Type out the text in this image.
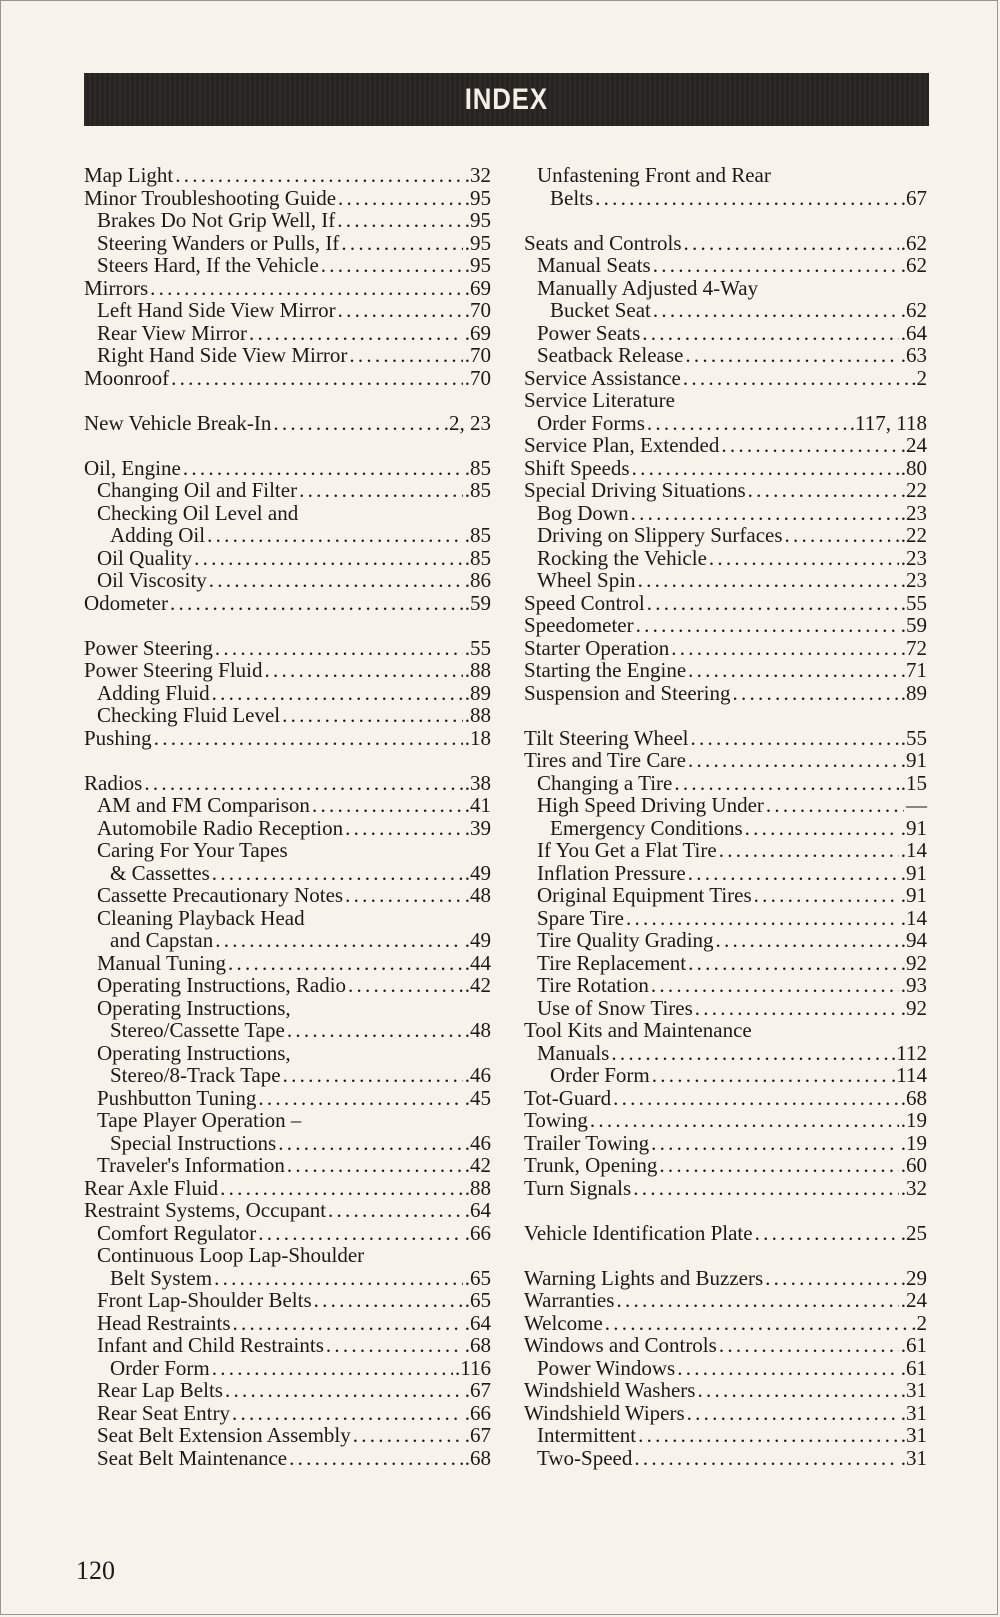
INDEX
Map Light . . .	.32
Minor Troubleshooting Guide . . .	.95
Brakes Do Not Grip Well, If . . .	.95
Steering Wanders or Pulls, If . . .	.95
Steers Hard, If the Vehicle . . .	.95
Mirrors . . .	.69
Left Hand Side View Mirror . . .	.70
Rear View Mirror . . .	.69
Right Hand Side View Mirror . . .	.70
Moonroof . . .	.70
New Vehicle Break-In . . .	.2, 23
Oil, Engine . . .	.85
Changing Oil and Filter . . .	.85
Checking Oil Level and
Adding Oil . . .	.85
Oil Quality . . .	.85
Oil Viscosity . . .	.86
Odometer . . .	.59
Power Steering . . .	.55
Power Steering Fluid . . .	.88
Adding Fluid . . .	.89
Checking Fluid Level . . .	.88
Pushing . . .	.18
Radios . . .	.38
AM and FM Comparison . . .	.41
Automobile Radio Reception . . .	.39
Caring For Your Tapes
& Cassettes . . .	.49
Cassette Precautionary Notes . . .	.48
Cleaning Playback Head
and Capstan . . .	.49
Manual Tuning . . .	.44
Operating Instructions, Radio . . .	.42
Operating Instructions,
Stereo/Cassette Tape . . .	.48
Operating Instructions,
Stereo/8-Track Tape . . .	.46
Pushbutton Tuning . . .	.45
Tape Player Operation –
Special Instructions . . .	.46
Traveler's Information . . .	.42
Rear Axle Fluid . . .	.88
Restraint Systems, Occupant . . .	.64
Comfort Regulator . . .	.66
Continuous Loop Lap-Shoulder
Belt System . . .	.65
Front Lap-Shoulder Belts . . .	.65
Head Restraints . . .	.64
Infant and Child Restraints . . .	.68
Order Form . . .	.116
Rear Lap Belts . . .	.67
Rear Seat Entry . . .	.66
Seat Belt Extension Assembly . . .	.67
Seat Belt Maintenance . . .	.68
Unfastening Front and Rear
Belts . . .	.67
Seats and Controls . . .	.62
Manual Seats . . .	.62
Manually Adjusted 4-Way
Bucket Seat . . .	.62
Power Seats . . .	.64
Seatback Release . . .	.63
Service Assistance . . .	.2
Service Literature
Order Forms . . .	.117, 118
Service Plan, Extended . . .	.24
Shift Speeds . . .	.80
Special Driving Situations . . .	.22
Bog Down . . .	.23
Driving on Slippery Surfaces . . .	.22
Rocking the Vehicle . . .	.23
Wheel Spin . . .	.23
Speed Control . . .	.55
Speedometer . . .	.59
Starter Operation . . .	.72
Starting the Engine . . .	.71
Suspension and Steering . . .	.89
Tilt Steering Wheel . . .	.55
Tires and Tire Care . . .	.91
Changing a Tire . . .	.15
High Speed Driving Under . . .	—
Emergency Conditions . . .	.91
If You Get a Flat Tire . . .	.14
Inflation Pressure . . .	.91
Original Equipment Tires . . .	.91
Spare Tire . . .	.14
Tire Quality Grading . . .	.94
Tire Replacement . . .	.92
Tire Rotation . . .	.93
Use of Snow Tires . . .	.92
Tool Kits and Maintenance
Manuals . . .	.112
Order Form . . .	.114
Tot-Guard . . .	.68
Towing . . .	.19
Trailer Towing . . .	.19
Trunk, Opening . . .	.60
Turn Signals . . .	.32
Vehicle Identification Plate . . .	.25
Warning Lights and Buzzers . . .	.29
Warranties . . .	.24
Welcome . . .	.2
Windows and Controls . . .	.61
Power Windows . . .	.61
Windshield Washers . . .	.31
Windshield Wipers . . .	.31
Intermittent . . .	.31
Two-Speed . . .	.31
120
